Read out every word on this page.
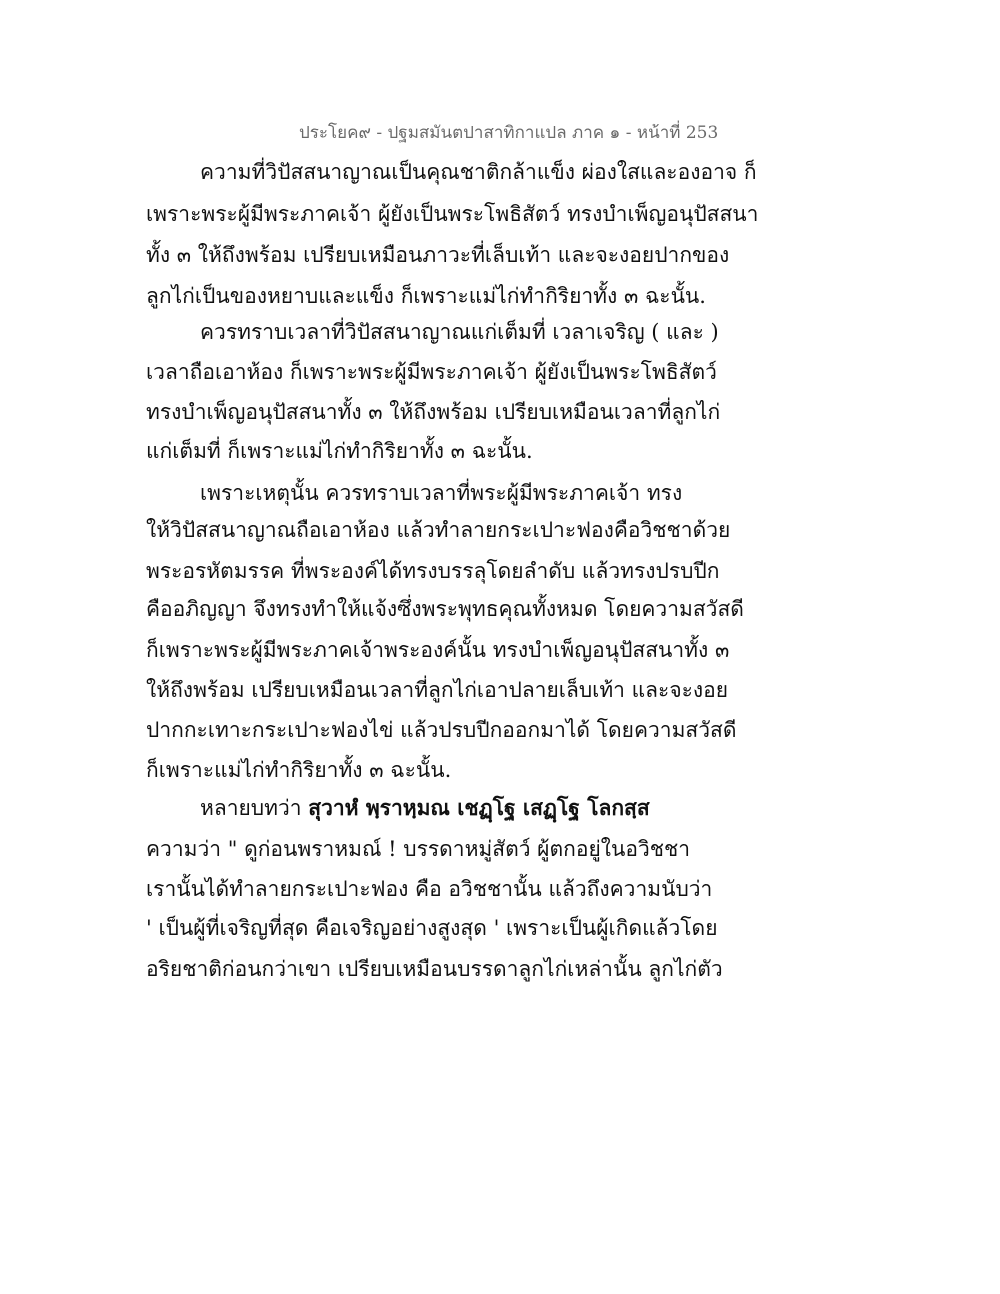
ประโยค๙ - ปฐมสมันตปาสาทิกาแปล ภาค ๑ - หน้าที่ 253
ความที่วิปัสสนาญาณเป็นคุณชาติกล้าแข็ง ผ่องใสและองอาจ ก็
เพราะพระผู้มีพระภาคเจ้า ผู้ยังเป็นพระโพธิสัตว์ ทรงบำเพ็ญอนุปัสสนา
ทั้ง ๓ ให้ถึงพร้อม เปรียบเหมือนภาวะที่เล็บเท้า และจะงอยปากของ
ลูกไก่เป็นของหยาบและแข็ง ก็เพราะแม่ไก่ทำกิริยาทั้ง ๓ ฉะนั้น.
ควรทราบเวลาที่วิปัสสนาญาณแก่เต็มที่ เวลาเจริญ ( และ )
เวลาถือเอาห้อง ก็เพราะพระผู้มีพระภาคเจ้า ผู้ยังเป็นพระโพธิสัตว์
ทรงบำเพ็ญอนุปัสสนาทั้ง ๓ ให้ถึงพร้อม เปรียบเหมือนเวลาที่ลูกไก่
แก่เต็มที่ ก็เพราะแม่ไก่ทำกิริยาทั้ง ๓ ฉะนั้น.
เพราะเหตุนั้น ควรทราบเวลาที่พระผู้มีพระภาคเจ้า ทรง
ให้วิปัสสนาญาณถือเอาห้อง แล้วทำลายกระเปาะฟองคือวิชชาด้วย
พระอรหัตมรรค ที่พระองค์ได้ทรงบรรลุโดยลำดับ แล้วทรงปรบปีก
คืออภิญญา จึงทรงทำให้แจ้งซึ่งพระพุทธคุณทั้งหมด โดยความสวัสดี
ก็เพราะพระผู้มีพระภาคเจ้าพระองค์นั้น ทรงบำเพ็ญอนุปัสสนาทั้ง ๓
ให้ถึงพร้อม เปรียบเหมือนเวลาที่ลูกไก่เอาปลายเล็บเท้า และจะงอย
ปากกะเทาะกระเปาะฟองไข่ แล้วปรบปีกออกมาได้ โดยความสวัสดี
ก็เพราะแม่ไก่ทำกิริยาทั้ง ๓ ฉะนั้น.
หลายบทว่า สุวาหํ พฺราหฺมณ เชฏฺโฐ เสฏฺโฐ โลกสฺส
ความว่า " ดูก่อนพราหมณ์ ! บรรดาหมู่สัตว์ ผู้ตกอยู่ในอวิชชา
เรานั้นได้ทำลายกระเปาะฟอง คือ อวิชชานั้น แล้วถึงความนับว่า
' เป็นผู้ที่เจริญที่สุด คือเจริญอย่างสูงสุด ' เพราะเป็นผู้เกิดแล้วโดย
อริยชาติก่อนกว่าเขา เปรียบเหมือนบรรดาลูกไก่เหล่านั้น ลูกไก่ตัว
